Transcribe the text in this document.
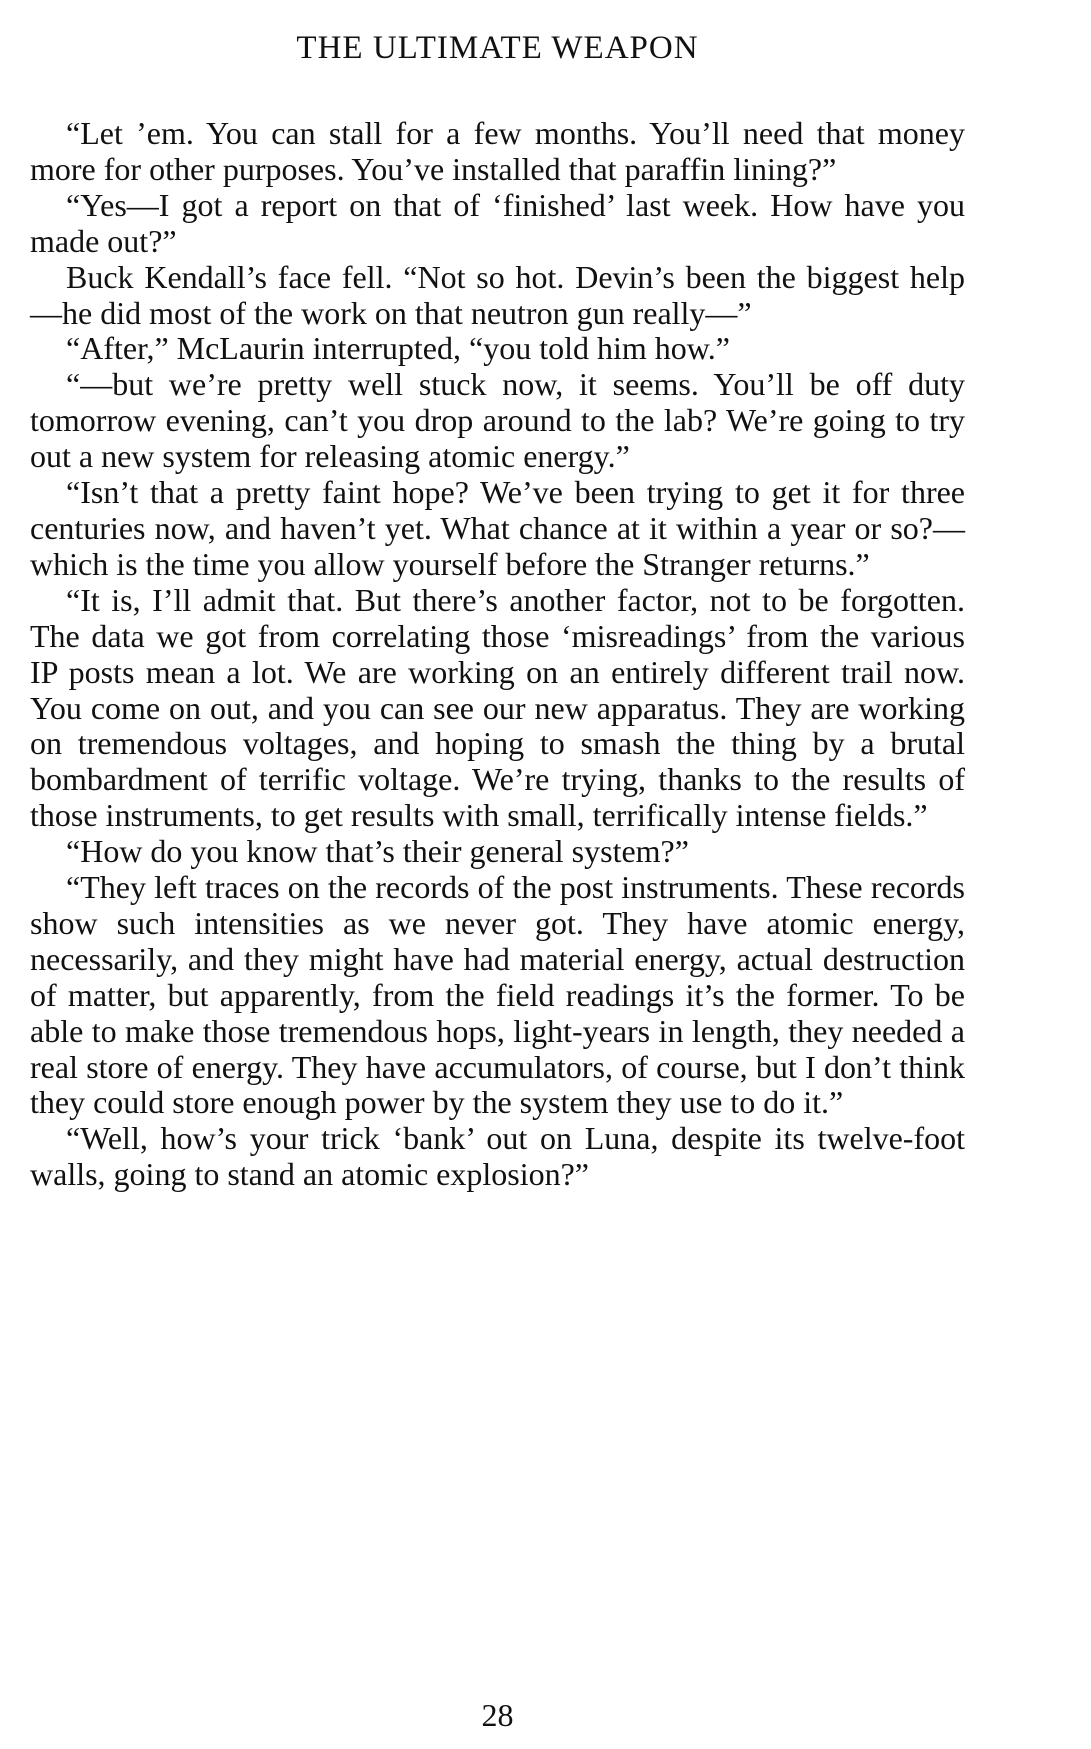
THE ULTIMATE WEAPON

“Let ’em. You can stall for a few months. You’ll need that money more for other purposes. You’ve installed that paraffin lining?”

“Yes—I got a report on that of ‘finished’ last week. How have you made out?”

Buck Kendall’s face fell. “Not so hot. Devin’s been the biggest help—he did most of the work on that neutron gun really—”

“After,” McLaurin interrupted, “you told him how.”

“—but we’re pretty well stuck now, it seems. You’ll be off duty tomorrow evening, can’t you drop around to the lab? We’re going to try out a new system for releasing atomic energy.”

“Isn’t that a pretty faint hope? We’ve been trying to get it for three centuries now, and haven’t yet. What chance at it within a year or so?—which is the time you allow yourself before the Stranger returns.”

“It is, I’ll admit that. But there’s another factor, not to be forgotten. The data we got from correlating those ‘misreadings’ from the various IP posts mean a lot. We are working on an entirely different trail now. You come on out, and you can see our new apparatus. They are working on tremendous voltages, and hoping to smash the thing by a brutal bombardment of terrific voltage. We’re trying, thanks to the results of those instruments, to get results with small, terrifically intense fields.”

“How do you know that’s their general system?”

“They left traces on the records of the post instruments. These records show such intensities as we never got. They have atomic energy, necessarily, and they might have had material energy, actual destruction of matter, but apparently, from the field readings it’s the former. To be able to make those tremendous hops, light-years in length, they needed a real store of energy. They have accumulators, of course, but I don’t think they could store enough power by the system they use to do it.”

“Well, how’s your trick ‘bank’ out on Luna, despite its twelve-foot walls, going to stand an atomic explosion?”

28
